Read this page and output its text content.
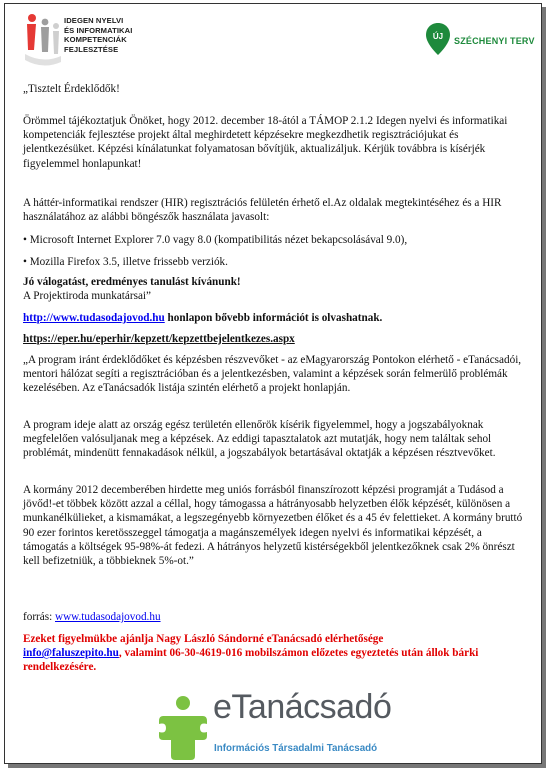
IDEGEN NYELVI
ÉS INFORMATIKAI
KOMPETENCIÁK
FEJLESZTÉSE
ÚJ SZÉCHENYI TERV

„Tisztelt Érdeklődők!

Örömmel tájékoztatjuk Önöket, hogy 2012. december 18-ától a TÁMOP 2.1.2 Idegen nyelvi és informatikai kompetenciák fejlesztése projekt által meghirdetett képzésekre megkezdhetik regisztrációjukat és jelentkezésüket. Képzési kínálatunkat folyamatosan bővítjük, aktualizáljuk. Kérjük továbbra is kísérjék figyelemmel honlapunkat!

A háttér-informatikai rendszer (HIR) regisztrációs felületén érhető el.Az oldalak megtekintéséhez és a HIR használatához az alábbi böngészők használata javasolt:

• Microsoft Internet Explorer 7.0 vagy 8.0 (kompatibilitás nézet bekapcsolásával 9.0),

• Mozilla Firefox 3.5, illetve frissebb verziók.

Jó válogatást, eredményes tanulást kívánunk!

A Projektiroda munkatársai”

http://www.tudasodajovod.hu honlapon bővebb információt is olvashatnak.

https://eper.hu/eperhir/kepzett/kepzettbejelentkezes.aspx

„A program iránt érdeklődőket és képzésben részvevőket - az eMagyarország Pontokon elérhető - eTanácsadói, mentori hálózat segíti a regisztrációban és a jelentkezésben, valamint a képzések során felmerülő problémák kezelésében. Az eTanácsadók listája szintén elérhető a projekt honlapján.

A program ideje alatt az ország egész területén ellenőrök kísérik figyelemmel, hogy a jogszabályoknak megfelelően valósuljanak meg a képzések. Az eddigi tapasztalatok azt mutatják, hogy nem találtak sehol problémát, mindenütt fennakadások nélkül, a jogszabályok betartásával oktatják a képzésen résztvevőket.

A kormány 2012 decemberében hirdette meg uniós forrásból finanszírozott képzési programját a Tudásod a jövőd!-et többek között azzal a céllal, hogy támogassa a hátrányosabb helyzetben élők képzését, különösen a munkanélkülieket, a kismamákat, a legszegényebb környezetben élőket és a 45 év felettieket. A kormány bruttó 90 ezer forintos keretösszeggel támogatja a magánszemélyek idegen nyelvi és informatikai képzését, a támogatás a költségek 95-98%-át fedezi. A hátrányos helyzetű kistérségekből jelentkezőknek csak 2% önrészt kell befizetniük, a többieknek 5%-ot.”

forrás: www.tudasodajovod.hu

Ezeket figyelmükbe ajánlja Nagy László Sándorné eTanácsadó elérhetősége

info@faluszepito.hu, valamint 06-30-4619-016 mobilszámon előzetes egyeztetés után állok bárki rendelkezésére.

eTanácsadó
Információs Társadalmi Tanácsadó
